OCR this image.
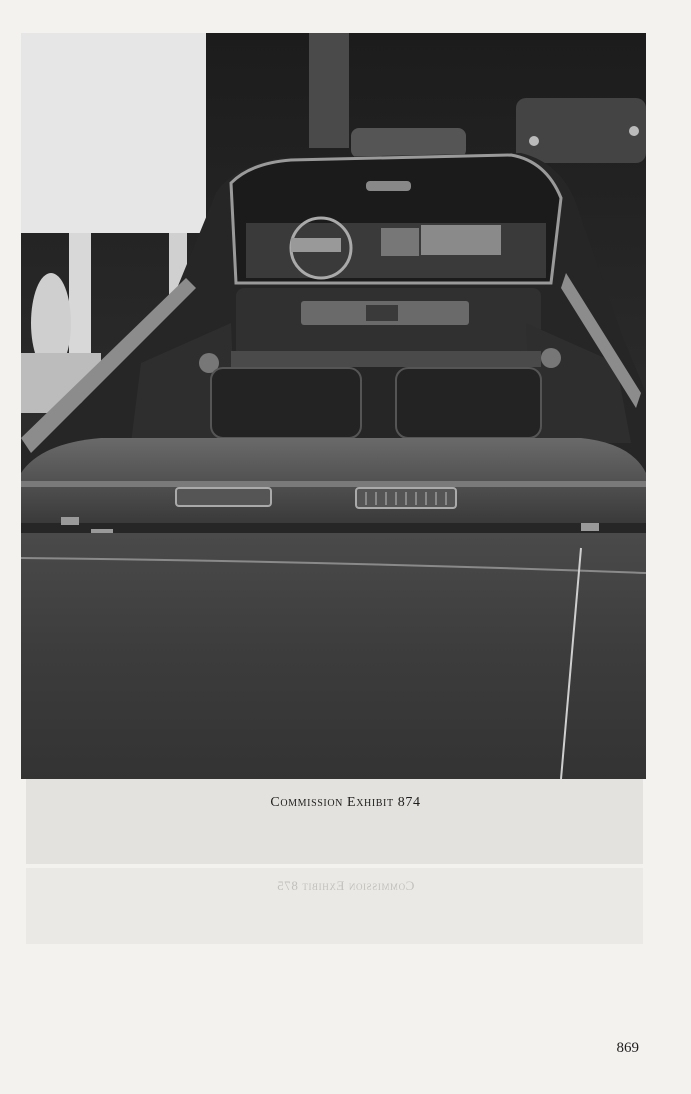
Commission Exhibit 874
Commission Exhibit 875
869
